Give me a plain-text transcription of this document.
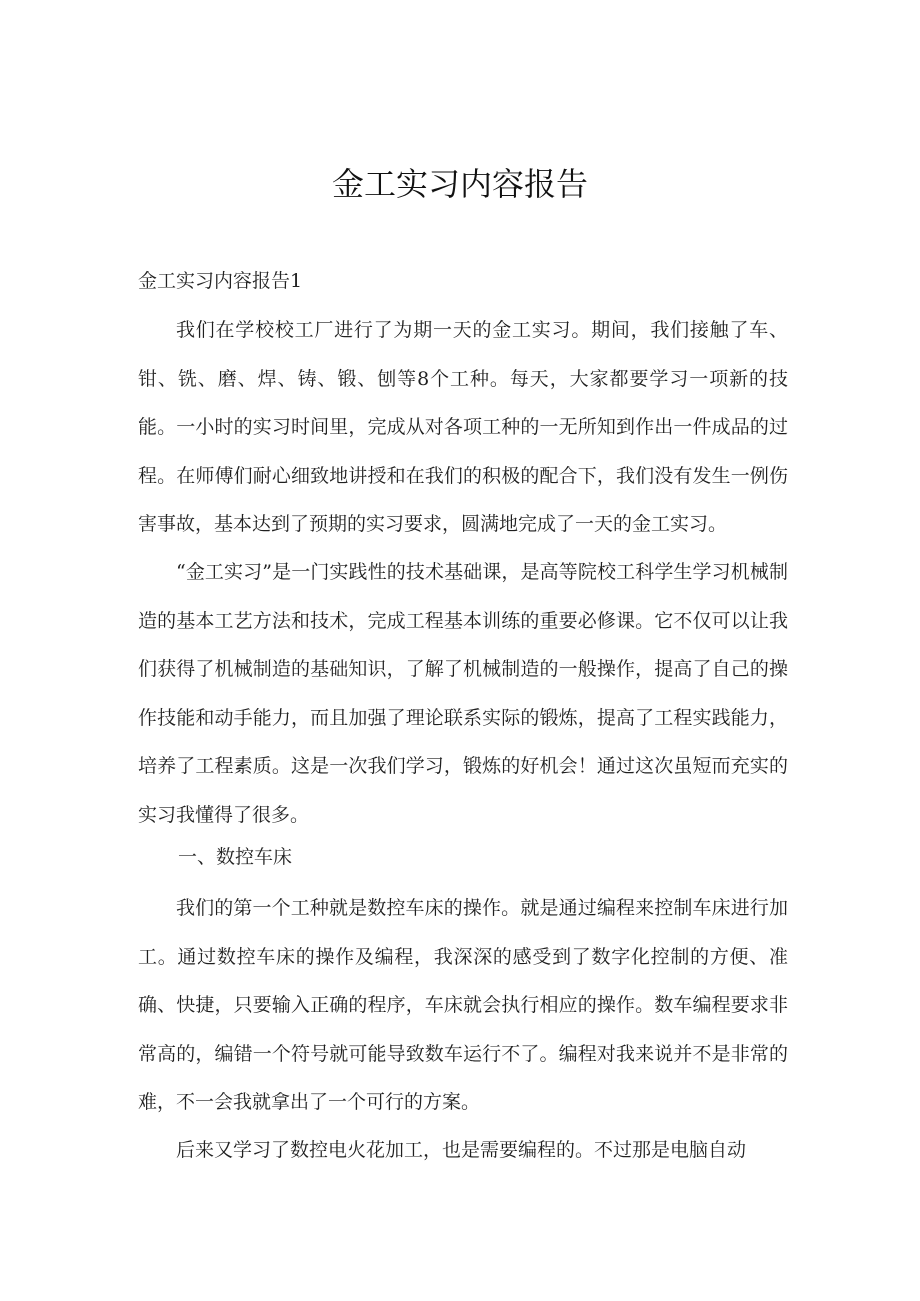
金工实习内容报告
金工实习内容报告1

我们在学校校工厂进行了为期一天的金工实习。期间，我们接触了车、钳、铣、磨、焊、铸、锻、刨等8个工种。每天，大家都要学习一项新的技能。一小时的实习时间里，完成从对各项工种的一无所知到作出一件成品的过程。在师傅们耐心细致地讲授和在我们的积极的配合下，我们没有发生一例伤害事故，基本达到了预期的实习要求，圆满地完成了一天的金工实习。

“金工实习”是一门实践性的技术基础课，是高等院校工科学生学习机械制造的基本工艺方法和技术，完成工程基本训练的重要必修课。它不仅可以让我们获得了机械制造的基础知识，了解了机械制造的一般操作，提高了自己的操作技能和动手能力，而且加强了理论联系实际的锻炼，提高了工程实践能力，培养了工程素质。这是一次我们学习，锻炼的好机会！通过这次虽短而充实的实习我懂得了很多。

一、数控车床

我们的第一个工种就是数控车床的操作。就是通过编程来控制车床进行加工。通过数控车床的操作及编程，我深深的感受到了数字化控制的方便、准确、快捷，只要输入正确的程序，车床就会执行相应的操作。数车编程要求非常高的，编错一个符号就可能导致数车运行不了。编程对我来说并不是非常的难，不一会我就拿出了一个可行的方案。

后来又学习了数控电火花加工，也是需要编程的。不过那是电脑自动
